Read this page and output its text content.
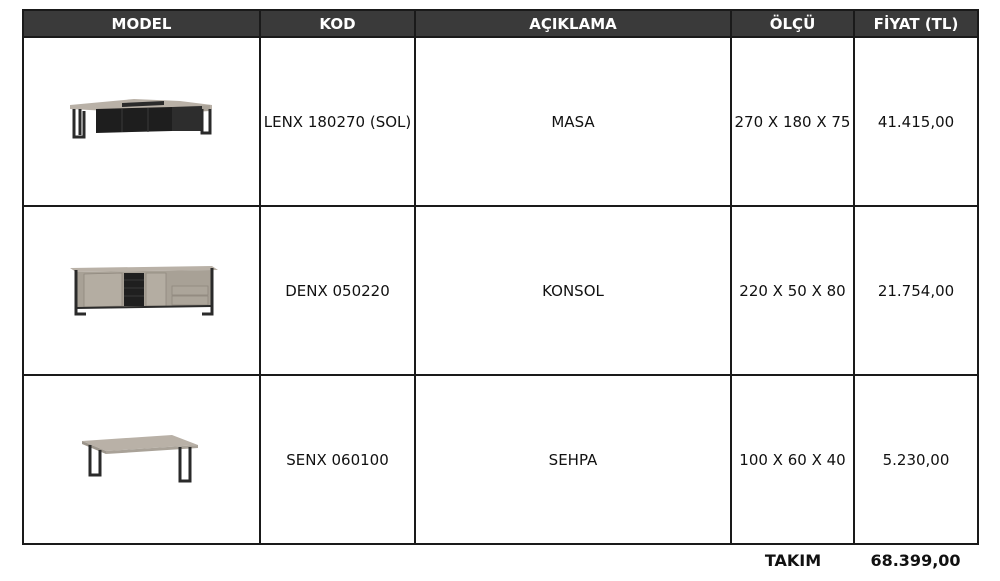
MODEL	KOD	AÇIKLAMA	ÖLÇÜ	FİYAT (TL)

	LENX 180270 (SOL)	MASA	270 X 180 X 75	41.415,00

	DENX 050220	KONSOL	220 X 50 X 80	21.754,00

	SENX 060100	SEHPA	100 X 60 X 40	5.230,00
TAKIM	68.399,00
